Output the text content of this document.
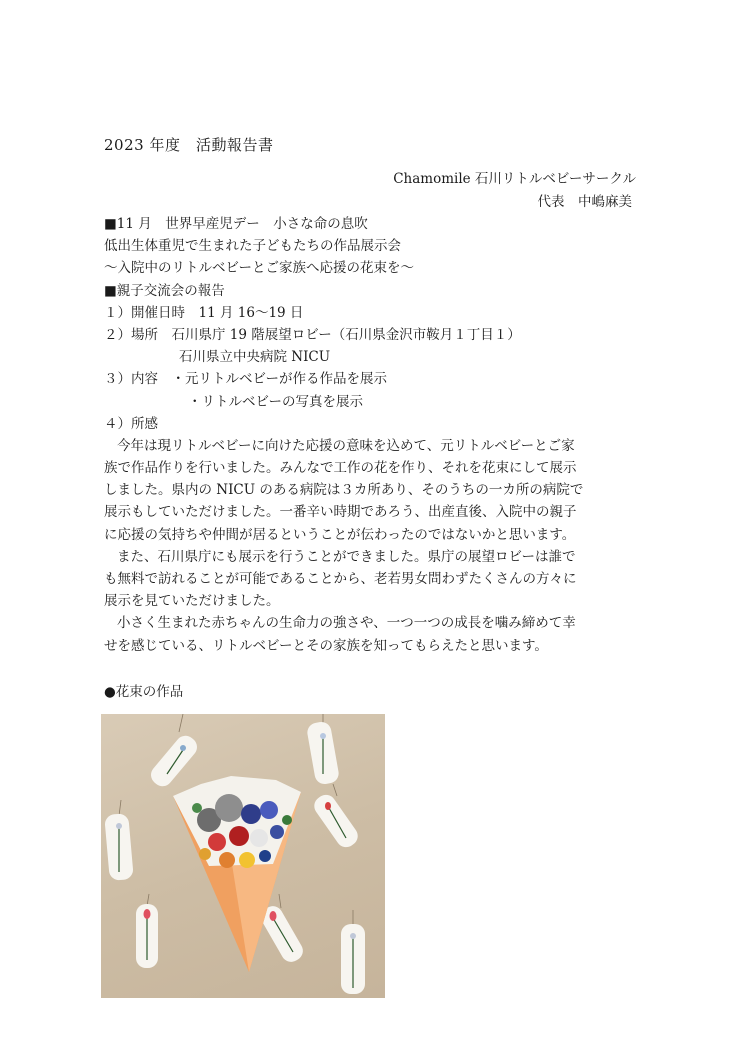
2023 年度　活動報告書
Chamomile 石川リトルベビーサークル
代表　中嶋麻美
■11 月　世界早産児デー　小さな命の息吹
低出生体重児で生まれた子どもたちの作品展示会
～入院中のリトルベビーとご家族へ応援の花束を～
■親子交流会の報告
１）開催日時　11 月 16～19 日
２）場所　石川県庁 19 階展望ロビー（石川県金沢市鞍月１丁目１）
石川県立中央病院 NICU
３）内容　・元リトルベビーが作る作品を展示
・リトルベビーの写真を展示
４）所感
今年は現リトルベビーに向けた応援の意味を込めて、元リトルベビーとご家
族で作品作りを行いました。みんなで工作の花を作り、それを花束にして展示
しました。県内の NICU のある病院は３カ所あり、そのうちの一カ所の病院で
展示もしていただけました。一番辛い時期であろう、出産直後、入院中の親子
に応援の気持ちや仲間が居るということが伝わったのではないかと思います。
また、石川県庁にも展示を行うことができました。県庁の展望ロビーは誰で
も無料で訪れることが可能であることから、老若男女問わずたくさんの方々に
展示を見ていただけました。
小さく生まれた赤ちゃんの生命力の強さや、一つ一つの成長を噛み締めて幸
せを感じている、リトルベビーとその家族を知ってもらえたと思います。
●花束の作品
